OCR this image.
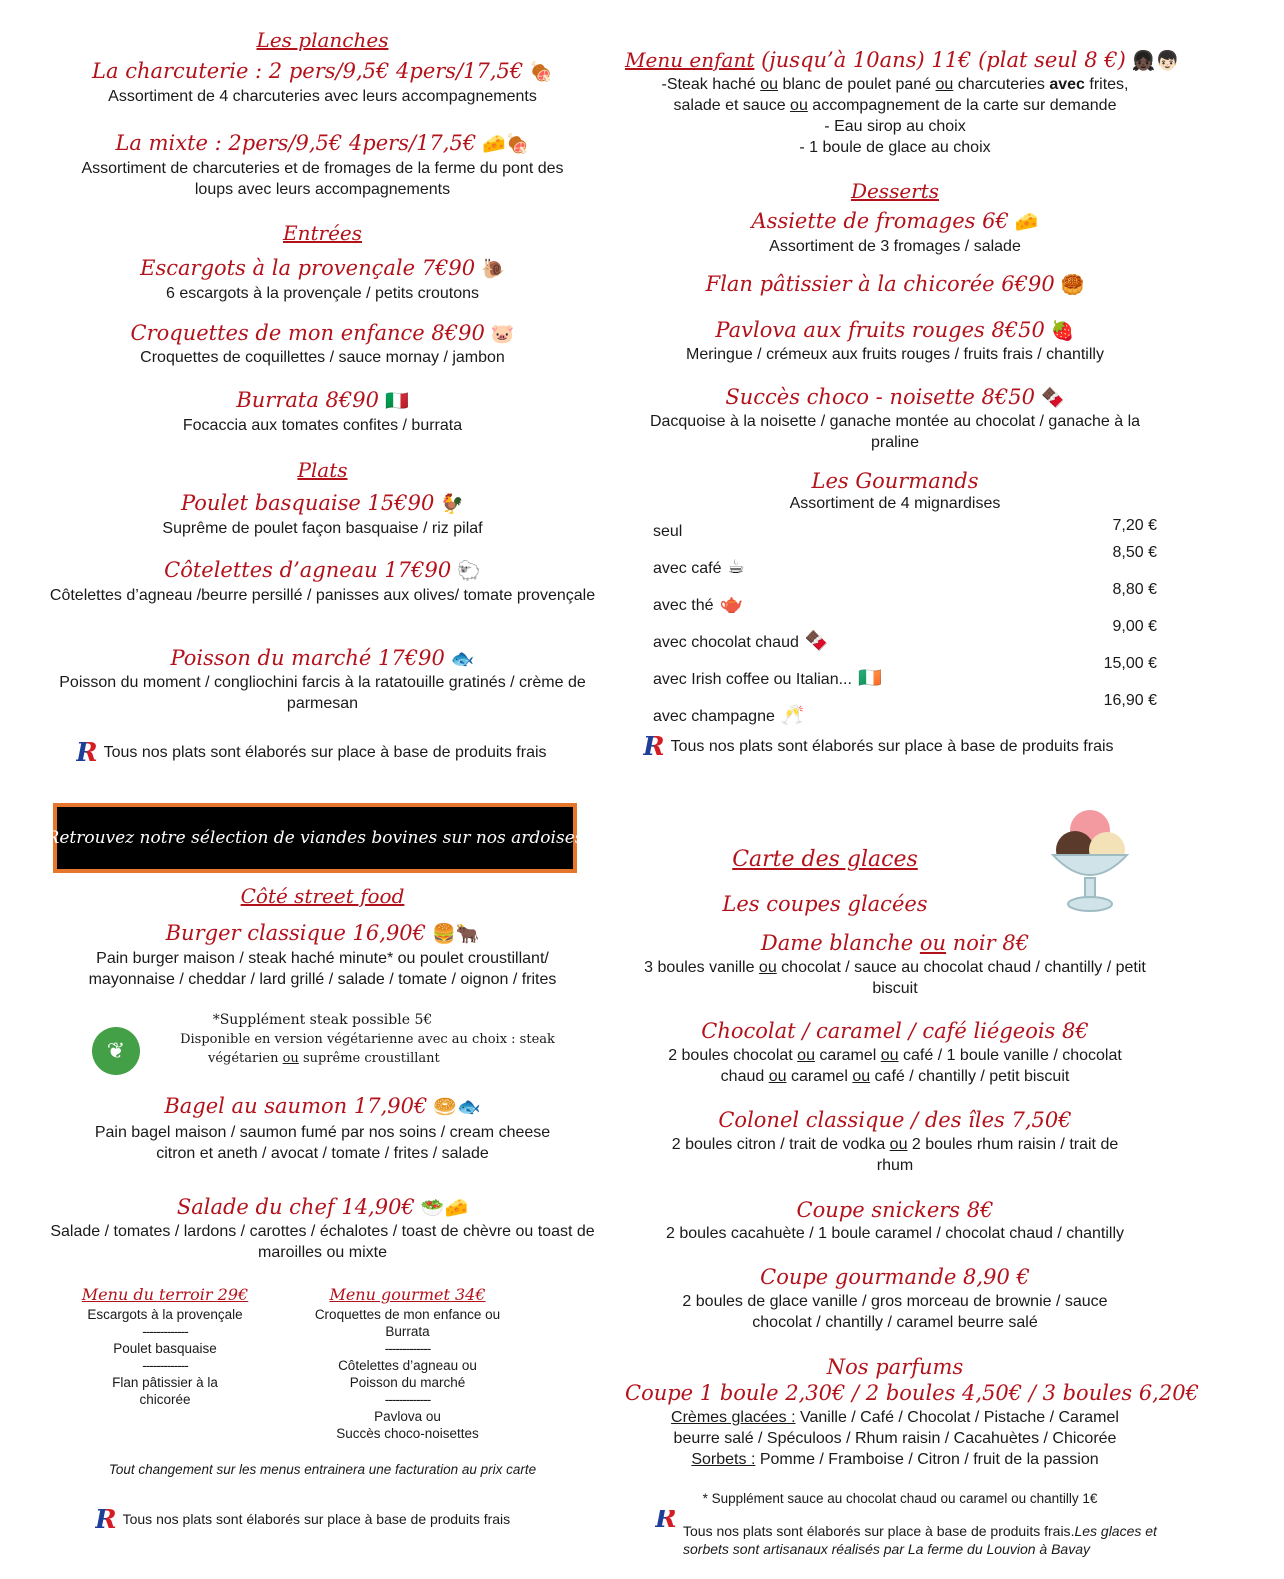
Les planches
La charcuterie : 2 pers/9,5€ 4pers/17,5€ 🍖
Assortiment de 4 charcuteries avec leurs accompagnements
La mixte : 2pers/9,5€ 4pers/17,5€ 🧀🍖
Assortiment de charcuteries et de fromages de la ferme du pont des loups avec leurs accompagnements
Entrées
Escargots à la provençale 7€90 🐌
6 escargots à la provençale / petits croutons
Croquettes de mon enfance 8€90 🐷
Croquettes de coquillettes / sauce mornay / jambon
Burrata 8€90 🇮🇹
Focaccia aux tomates confites / burrata
Plats
Poulet basquaise 15€90 🐓
Suprême de poulet façon basquaise / riz pilaf
Côtelettes d’agneau 17€90 🐑
Côtelettes d’agneau /beurre persillé / panisses aux olives/ tomate provençale
Poisson du marché 17€90 🐟
Poisson du moment / congliochini farcis à la ratatouille gratinés / crème de parmesan
R Tous nos plats sont élaborés sur place à base de produits frais
Retrouvez notre sélection de viandes bovines sur nos ardoises
Côté street food
Burger classique 16,90€ 🍔🐂
Pain burger maison / steak haché minute* ou poulet croustillant/ mayonnaise / cheddar / lard grillé / salade / tomate / oignon / frites
*Supplément steak possible 5€
❦	Disponible en version végétarienne avec au choix : steak
végétarien ou suprême croustillant
Bagel au saumon 17,90€ 🥯🐟
Pain bagel maison / saumon fumé par nos soins / cream cheese citron et aneth / avocat / tomate / frites / salade
Salade du chef 14,90€ 🥗🧀
Salade / tomates / lardons / carottes / échalotes / toast de chèvre ou toast de maroilles ou mixte
Menu du terroir 29€
Escargots à la provençale
-------------
Poulet basquaise
-------------
Flan pâtissier à la chicorée
Menu gourmet 34€
Croquettes de mon enfance ou Burrata
-------------
Côtelettes d’agneau ou Poisson du marché
-------------
Pavlova ou
Succès choco-noisettes
Tout changement sur les menus entrainera une facturation au prix carte
R Tous nos plats sont élaborés sur place à base de produits frais
Menu enfant (jusqu’à 10ans) 11€ (plat seul 8 €) 👧🏿👦🏻
-Steak haché ou blanc de poulet pané ou charcuteries avec frites,
salade et sauce ou accompagnement de la carte sur demande
- Eau sirop au choix
- 1 boule de glace au choix
Desserts
Assiette de fromages 6€ 🧀
Assortiment de 3 fromages / salade
Flan pâtissier à la chicorée 6€90 🥮
Pavlova aux fruits rouges 8€50 🍓
Meringue / crémeux aux fruits rouges / fruits frais / chantilly
Succès choco - noisette 8€50 🍫
Dacquoise à la noisette / ganache montée au chocolat / ganache à la praline
Les Gourmands
Assortiment de 4 mignardises
seul	7,20 €
avec café ☕
8,50 €
avec thé 🫖
8,80 €
avec chocolat chaud 🍫
9,00 €
avec Irish coffee ou Italian... 🇮🇪
15,00 €
avec champagne 🥂
16,90 €
R Tous nos plats sont élaborés sur place à base de produits frais
Carte des glaces
Les coupes glacées
Dame blanche ou noir 8€
3 boules vanille ou chocolat / sauce au chocolat chaud / chantilly / petit biscuit
Chocolat / caramel / café liégeois 8€
2 boules chocolat ou caramel ou café / 1 boule vanille / chocolat chaud ou caramel ou café / chantilly / petit biscuit
Colonel classique / des îles 7,50€
2 boules citron / trait de vodka ou 2 boules rhum raisin / trait de rhum
Coupe snickers 8€
2 boules cacahuète / 1 boule caramel / chocolat chaud / chantilly
Coupe gourmande 8,90 €
2 boules de glace vanille / gros morceau de brownie / sauce chocolat / chantilly / caramel beurre salé
Nos parfums
Coupe 1 boule 2,30€ / 2 boules 4,50€ / 3 boules 6,20€
Crèmes glacées : Vanille / Café / Chocolat / Pistache / Caramel beurre salé / Spéculoos / Rhum raisin / Cacahuètes / Chicorée
Sorbets : Pomme / Framboise / Citron / fruit de la passion
* Supplément sauce au chocolat chaud ou caramel ou chantilly 1€
R Tous nos plats sont élaborés sur place à base de produits frais.Les glaces et sorbets sont artisanaux réalisés par La ferme du Louvion à Bavay
